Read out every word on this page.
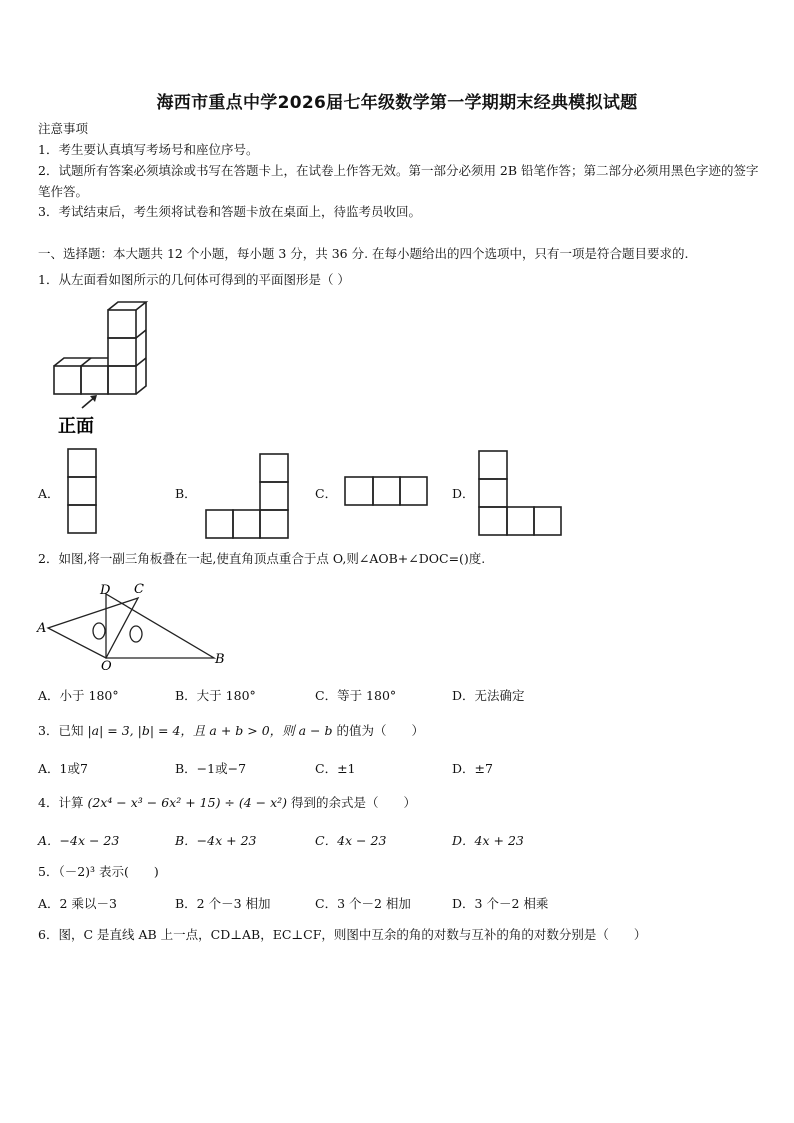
海西市重点中学2026届七年级数学第一学期期末经典模拟试题
注意事项
1．考生要认真填写考场号和座位序号。
2．试题所有答案必须填涂或书写在答题卡上，在试卷上作答无效。第一部分必须用 2B 铅笔作答；第二部分必须用黑色字迹的签字笔作答。
3．考试结束后，考生须将试卷和答题卡放在桌面上，待监考员收回。
一、选择题：本大题共 12 个小题，每小题 3 分，共 36 分. 在每小题给出的四个选项中，只有一项是符合题目要求的.
1．从左面看如图所示的几何体可得到的平面图形是（ ）
正面
A．	B．	C．	D．
2．如图,将一副三角板叠在一起,使直角顶点重合于点 O,则∠AOB+∠DOC=()度.
D C
A
O	B
A．小于 180°	B．大于 180°	C．等于 180°	D．无法确定
3．已知 |a| = 3, |b| = 4，且 a + b > 0，则 a − b 的值为（　　）
A．1或7	B．−1或−7	C．±1	D．±7
4．计算 (2x⁴ − x³ − 6x² + 15) ÷ (4 − x²) 得到的余式是（　　）
A．−4x − 23	B．−4x + 23	C．4x − 23	D．4x + 23
5．（－2)³ 表示(　　)
A．2 乘以－3	B．2 个－3 相加	C．3 个－2 相加	D．3 个－2 相乘
6．图，C 是直线 AB 上一点，CD⊥AB，EC⊥CF，则图中互余的角的对数与互补的角的对数分别是（　　）
